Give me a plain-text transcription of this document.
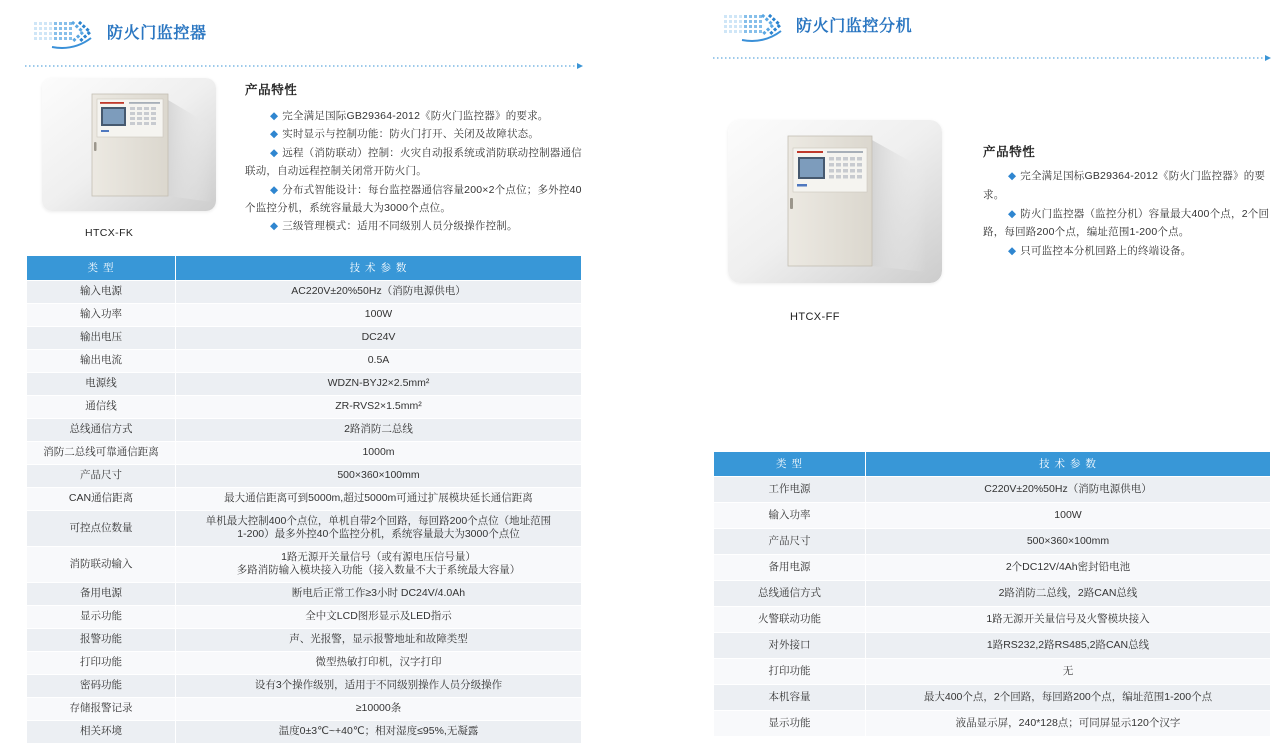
防火门监控器
HTCX-FK
产品特性
◆ 完全满足国际GB29364-2012《防火门监控器》的要求。
◆ 实时显示与控制功能：防火门打开、关闭及故障状态。
◆ 远程（消防联动）控制：火灾自动报系统或消防联动控制器通信联动，自动远程控制关闭常开防火门。
◆ 分布式智能设计：每台监控器通信容量200×2个点位；多外控40个监控分机，系统容量最大为3000个点位。
◆ 三级管理模式：适用不同级别人员分级操作控制。
类 型	技 术 参 数
输入电源	AC220V±20%50Hz（消防电源供电）
输入功率	100W
输出电压	DC24V
输出电流	0.5A
电源线	WDZN-BYJ2×2.5mm²
通信线	ZR-RVS2×1.5mm²
总线通信方式	2路消防二总线
消防二总线可靠通信距离	1000m
产品尺寸	500×360×100mm
CAN通信距离	最大通信距离可到5000m,超过5000m可通过扩展模块延长通信距离
可控点位数量	单机最大控制400个点位，单机自带2个回路，每回路200个点位（地址范围
1-200）最多外控40个监控分机，系统容量最大为3000个点位

消防联动输入	1路无源开关量信号（或有源电压信号量）
多路消防输入模块接入功能（接入数量不大于系统最大容量）

备用电源	断电后正常工作≥3小时 DC24V/4.0Ah
显示功能	全中文LCD图形显示及LED指示
报警功能	声、光报警，显示报警地址和故障类型
打印功能	微型热敏打印机，汉字打印
密码功能	设有3个操作级别，适用于不同级别操作人员分级操作
存储报警记录	≥10000条
相关环境	温度0±3℃~+40℃；相对湿度≤95%,无凝露
防火门监控分机
HTCX-FF
产品特性
◆ 完全满足国标GB29364-2012《防火门监控器》的要求。
◆ 防火门监控器（监控分机）容量最大400个点，2个回路，每回路200个点，编址范围1-200个点。
◆ 只可监控本分机回路上的终端设备。
类 型	技 术 参 数
工作电源	C220V±20%50Hz（消防电源供电）
输入功率	100W
产品尺寸	500×360×100mm
备用电源	2个DC12V/4Ah密封铅电池
总线通信方式	2路消防二总线，2路CAN总线
火警联动功能	1路无源开关量信号及火警模块接入
对外接口	1路RS232,2路RS485,2路CAN总线
打印功能	无
本机容量	最大400个点，2个回路，每回路200个点，编址范围1-200个点
显示功能	液晶显示屏，240*128点；可同屏显示120个汉字
